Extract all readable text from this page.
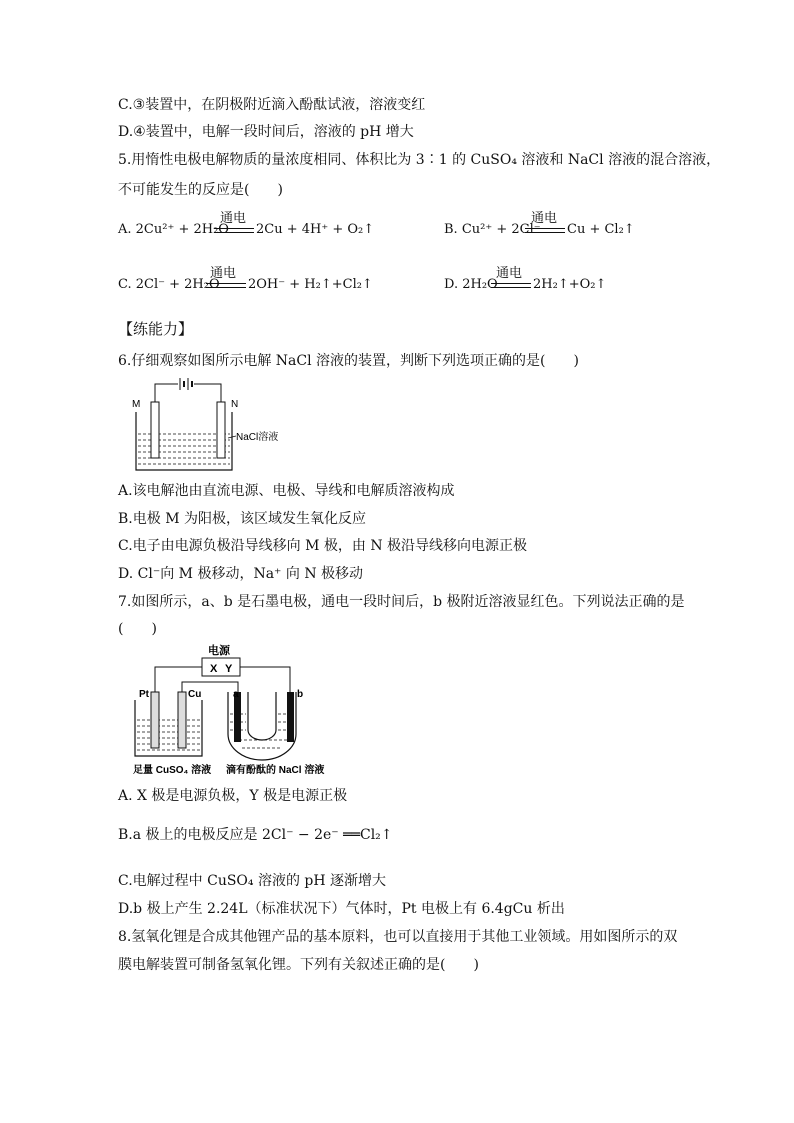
C.③装置中，在阴极附近滴入酚酞试液，溶液变红
D.④装置中，电解一段时间后，溶液的 pH 增大
5.用惰性电极电解物质的量浓度相同、体积比为 3∶1 的 CuSO₄ 溶液和 NaCl 溶液的混合溶液，
不可能发生的反应是(　　)
A. 2Cu²⁺ + 2H₂O
通电
2Cu + 4H⁺ + O₂↑	B. Cu²⁺ + 2Cl⁻
通电
Cu + Cl₂↑
C. 2Cl⁻ + 2H₂O
通电
2OH⁻ + H₂↑+Cl₂↑	D. 2H₂O
通电
2H₂↑+O₂↑
【练能力】
6.仔细观察如图所示电解 NaCl 溶液的装置，判断下列选项正确的是(　　)
M	N
NaCl溶液
A.该电解池由直流电源、电极、导线和电解质溶液构成
B.电极 M 为阳极，该区域发生氧化反应
C.电子由电源负极沿导线移向 M 极，由 N 极沿导线移向电源正极
D. Cl⁻向 M 极移动，Na⁺ 向 N 极移动
7.如图所示，a、b 是石墨电极，通电一段时间后，b 极附近溶液显红色。下列说法正确的是
(　　)
电源
X Y
Pt	Cu	a	b
足量 CuSO₄ 溶液 滴有酚酞的 NaCl 溶液
A. X 极是电源负极，Y 极是电源正极
B.a 极上的电极反应是 2Cl⁻ − 2e⁻ ══Cl₂↑
C.电解过程中 CuSO₄ 溶液的 pH 逐渐增大
D.b 极上产生 2.24L（标准状况下）气体时，Pt 电极上有 6.4gCu 析出
8.氢氧化锂是合成其他锂产品的基本原料，也可以直接用于其他工业领域。用如图所示的双
膜电解装置可制备氢氧化锂。下列有关叙述正确的是(　　)
